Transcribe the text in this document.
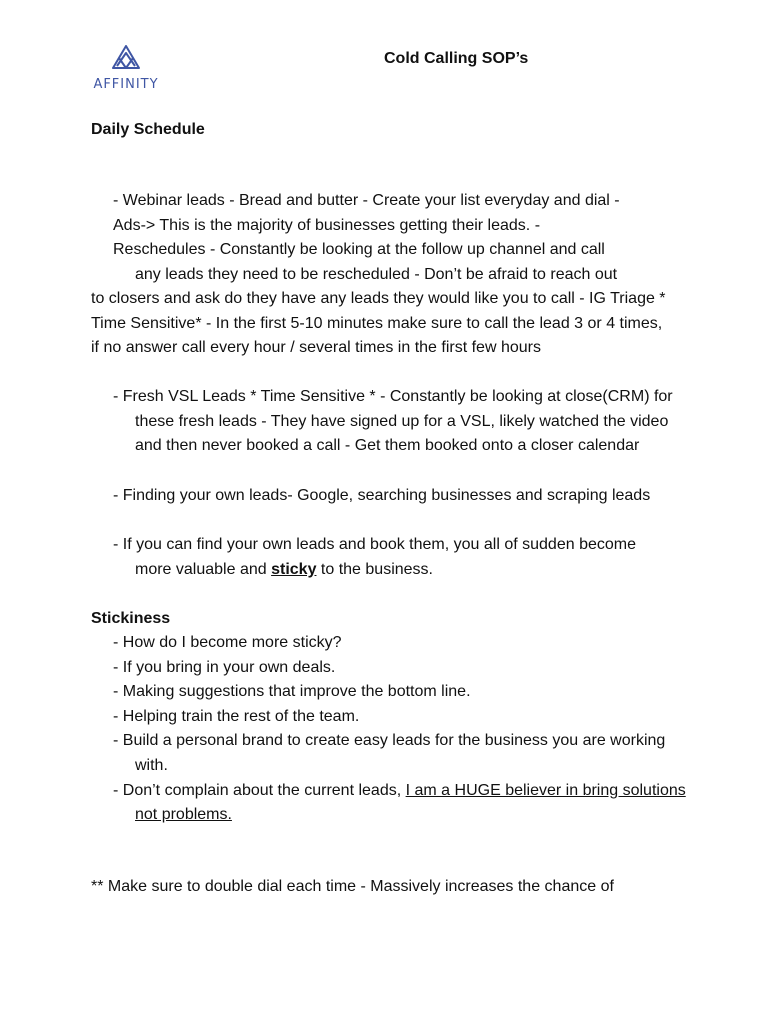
AFFINITY
Cold Calling SOP’s
Daily Schedule
- Webinar leads - Bread and butter - Create your list everyday and dial -
Ads-> This is the majority of businesses getting their leads. -
Reschedules - Constantly be looking at the follow up channel and call
any leads they need to be rescheduled - Don’t be afraid to reach out
to closers and ask do they have any leads they would like you to call - IG Triage * Time Sensitive* - In the first 5-10 minutes make sure to call the lead 3 or 4 times, if no answer call every hour / several times in the first few hours
- Fresh VSL Leads * Time Sensitive * - Constantly be looking at close(CRM) for these fresh leads - They have signed up for a VSL, likely watched the video and then never booked a call - Get them booked onto a closer calendar
- Finding your own leads- Google, searching businesses and scraping leads
- If you can find your own leads and book them, you all of sudden become more valuable and sticky to the business.
Stickiness
- How do I become more sticky?
- If you bring in your own deals.
- Making suggestions that improve the bottom line.
- Helping train the rest of the team.
- Build a personal brand to create easy leads for the business you are working with.
- Don’t complain about the current leads, I am a HUGE believer in bring solutions not problems.
** Make sure to double dial each time - Massively increases the chance of
